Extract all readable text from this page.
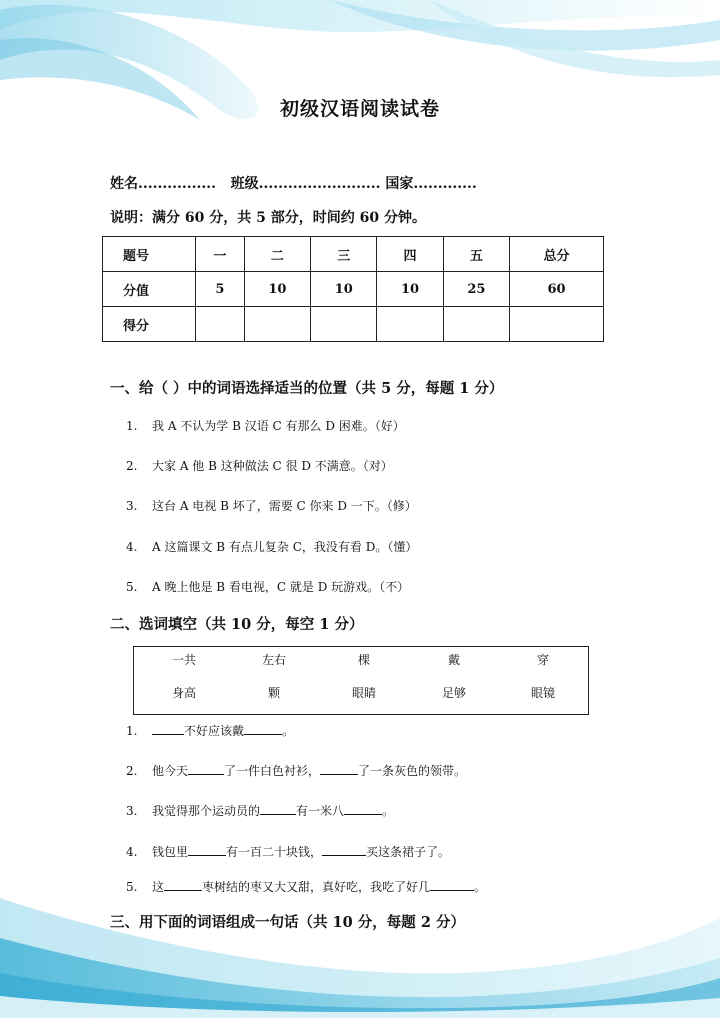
初级汉语阅读试卷
姓名................ 班级......................... 国家.............
说明：满分 60 分，共 5 部分，时间约 60 分钟。
题号	一	二	三	四	五	总分
分值	5	10	10	10	25	60
得分						
一、给（ ）中的词语选择适当的位置（共 5 分，每题 1 分）
1. 我 A 不认为学 B 汉语 C 有那么 D 困难。（好）
2. 大家 A 他 B 这种做法 C 很 D 不满意。（对）
3. 这台 A 电视 B 坏了，需要 C 你来 D 一下。（修）
4. A 这篇课文 B 有点儿复杂 C，我没有看 D。（懂）
5. A 晚上他是 B 看电视，C 就是 D 玩游戏。（不）
二、选词填空（共 10 分，每空 1 分）
一共	左右	棵	戴	穿
身高	颗	眼睛	足够	眼镜
1.	不好应该戴	。
2. 他今天	了一件白色衬衫，	了一条灰色的领带。
3. 我觉得那个运动员的	有一米八	。
4. 钱包里	有一百二十块钱，	买这条裙子了。
5. 这	枣树结的枣又大又甜，真好吃，我吃了好几	。
三、用下面的词语组成一句话（共 10 分，每题 2 分）
